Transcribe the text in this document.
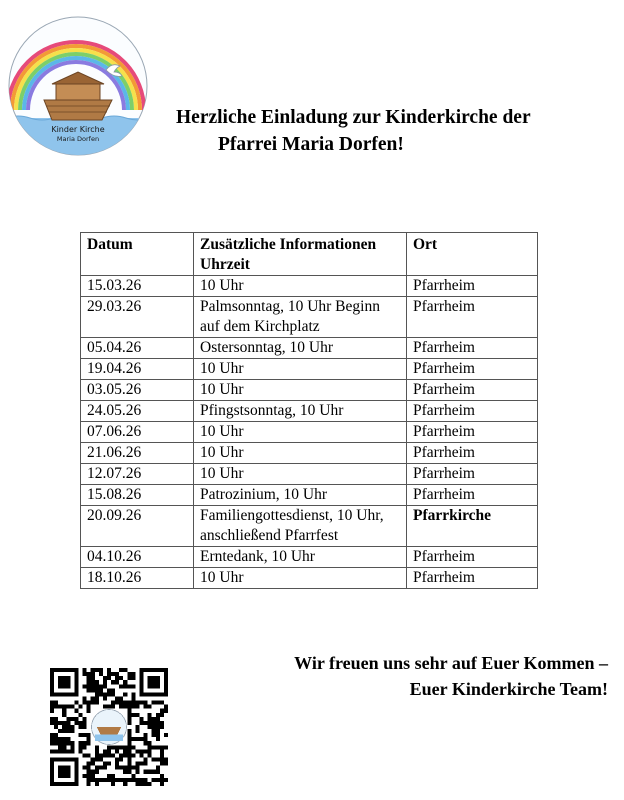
Kinder Kirche
Maria Dorfen
Herzliche Einladung zur Kinderkirche der
Pfarrei Maria Dorfen!
Datum	Zusätzliche Informationen Uhrzeit	Ort
15.03.26	10 Uhr	Pfarrheim
29.03.26	Palmsonntag, 10 Uhr Beginn auf dem Kirchplatz	Pfarrheim
05.04.26	Ostersonntag, 10 Uhr	Pfarrheim
19.04.26	10 Uhr	Pfarrheim
03.05.26	10 Uhr	Pfarrheim
24.05.26	Pfingstsonntag, 10 Uhr	Pfarrheim
07.06.26	10 Uhr	Pfarrheim
21.06.26	10 Uhr	Pfarrheim
12.07.26	10 Uhr	Pfarrheim
15.08.26	Patrozinium, 10 Uhr	Pfarrheim
20.09.26	Familiengottesdienst, 10 Uhr, anschließend Pfarrfest	Pfarrkirche
04.10.26	Erntedank, 10 Uhr	Pfarrheim
18.10.26	10 Uhr	Pfarrheim
Wir freuen uns sehr auf Euer Kommen –
Euer Kinderkirche Team!
